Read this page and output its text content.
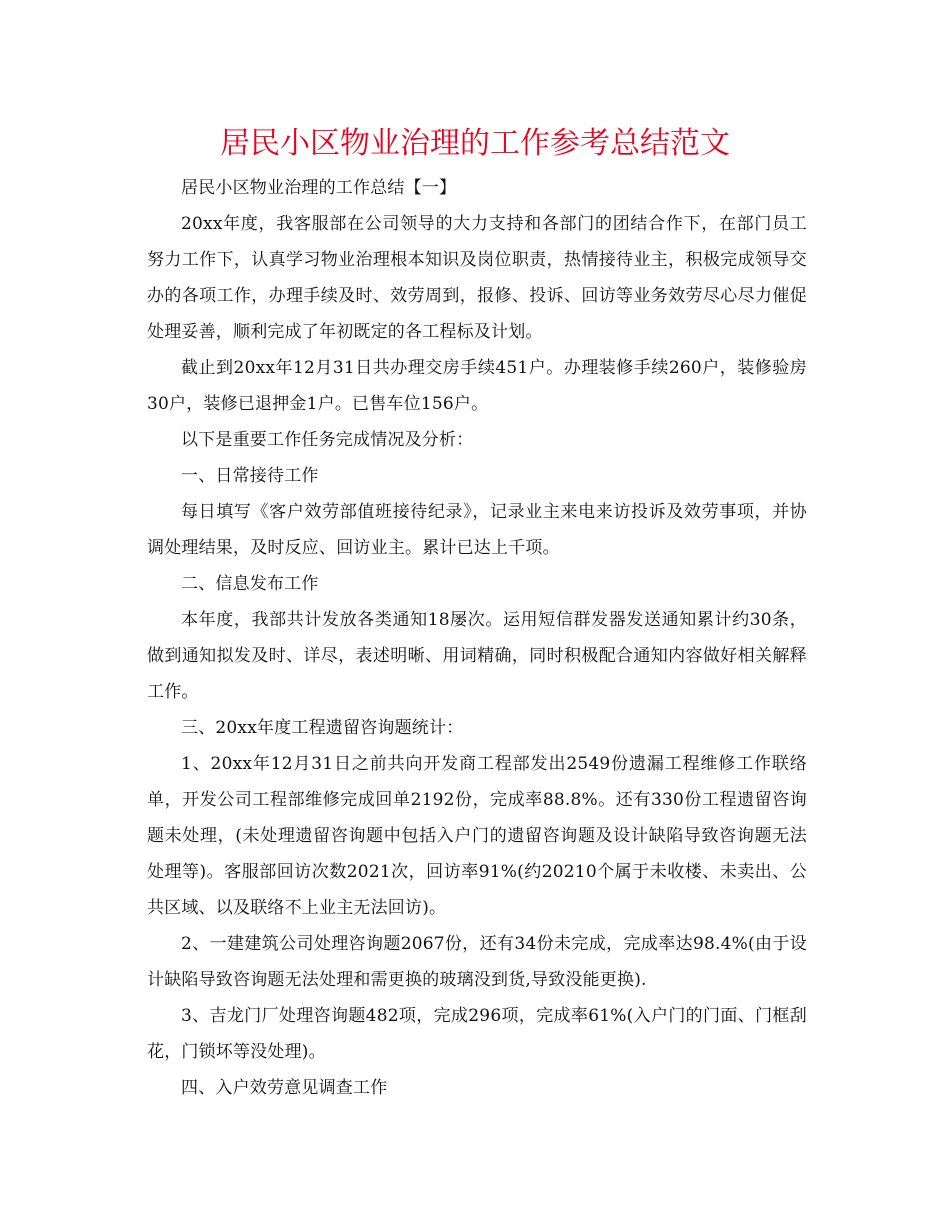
居民小区物业治理的工作参考总结范文

居民小区物业治理的工作总结【一】

20xx年度，我客服部在公司领导的大力支持和各部门的团结合作下，在部门员工努力工作下，认真学习物业治理根本知识及岗位职责，热情接待业主，积极完成领导交办的各项工作，办理手续及时、效劳周到，报修、投诉、回访等业务效劳尽心尽力催促处理妥善，顺利完成了年初既定的各工程标及计划。

截止到20xx年12月31日共办理交房手续451户。办理装修手续260户，装修验房30户，装修已退押金1户。已售车位156户。

以下是重要工作任务完成情况及分析：

一、日常接待工作

每日填写《客户效劳部值班接待纪录》，记录业主来电来访投诉及效劳事项，并协调处理结果，及时反应、回访业主。累计已达上千项。

二、信息发布工作

本年度，我部共计发放各类通知18屡次。运用短信群发器发送通知累计约30条，做到通知拟发及时、详尽，表述明晰、用词精确，同时积极配合通知内容做好相关解释工作。

三、20xx年度工程遗留咨询题统计：

1、20xx年12月31日之前共向开发商工程部发出2549份遗漏工程维修工作联络单，开发公司工程部维修完成回单2192份，完成率88.8%。还有330份工程遗留咨询题未处理，(未处理遗留咨询题中包括入户门的遗留咨询题及设计缺陷导致咨询题无法处理等)。客服部回访次数2021次，回访率91%(约20210个属于未收楼、未卖出、公共区域、以及联络不上业主无法回访)。

2、一建建筑公司处理咨询题2067份，还有34份未完成，完成率达98.4%(由于设计缺陷导致咨询题无法处理和需更换的玻璃没到货,导致没能更换).

3、吉龙门厂处理咨询题482项，完成296项，完成率61%(入户门的门面、门框刮花，门锁坏等没处理)。

四、入户效劳意见调查工作
